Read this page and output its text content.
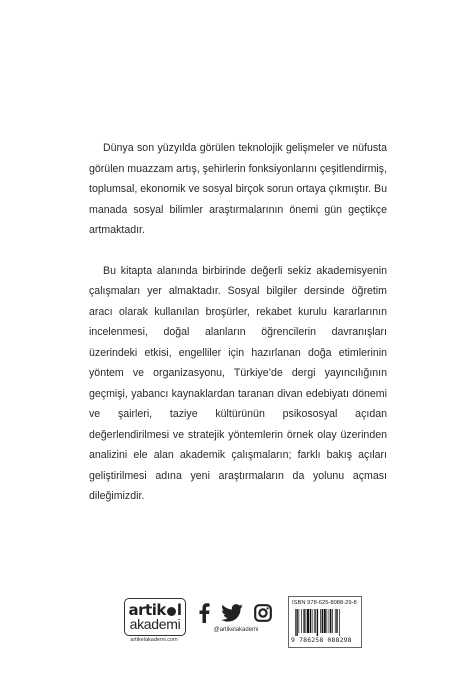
Dünya son yüzyılda görülen teknolojik gelişmeler ve nüfusta görülen muazzam artış, şehirlerin fonksiyonlarını çeşitlendirmiş, toplumsal, ekonomik ve sosyal birçok sorun ortaya çıkmıştır. Bu manada sosyal bilimler araştırmalarının önemi gün geçtikçe artmaktadır.

Bu kitapta alanında birbirinde değerli sekiz akademisyenin çalışmaları yer almaktadır. Sosyal bilgiler dersinde öğretim aracı olarak kullanılan broşürler, rekabet kurulu kararlarının incelenmesi, doğal alanların öğrencilerin davranışları üzerindeki etkisi, engelliler için hazırlanan doğa etimlerinin yöntem ve organizasyonu, Türkiye’de dergi yayıncılığının geçmişi, yabancı kaynaklardan taranan divan edebiyatı dönemi ve şairleri, taziye kültürünün psikososyal açıdan değerlendirilmesi ve stratejik yöntemlerin örnek olay üzerinden analizini ele alan akademik çalışmaların; farklı bakış açıları geliştirilmesi adına yeni araştırmaların da yolunu açması dileğimizdir.

artik l
akademi
artikelakademi.com
@artikelakademi
ISBN 978-625-8088-29-8
9 786258 088298
